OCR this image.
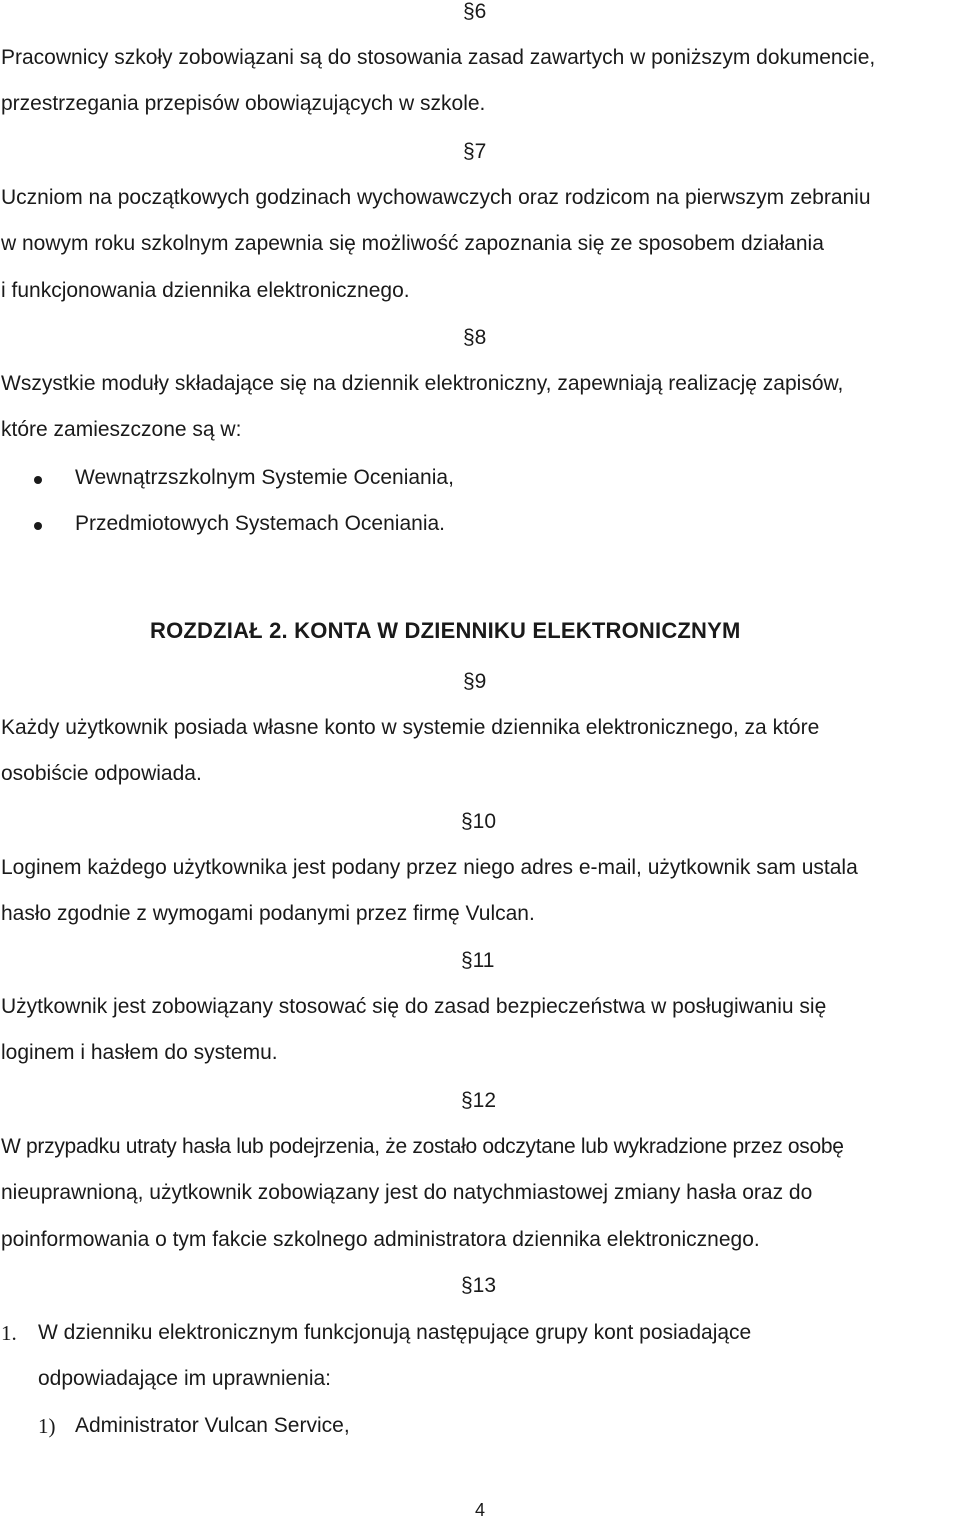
§6
Pracownicy szkoły zobowiązani są do stosowania zasad zawartych w poniższym dokumencie,
przestrzegania przepisów obowiązujących w szkole.
§7
Uczniom na początkowych godzinach wychowawczych oraz rodzicom na pierwszym zebraniu
w nowym roku szkolnym zapewnia się możliwość zapoznania się ze sposobem działania
i funkcjonowania dziennika elektronicznego.
§8
Wszystkie moduły składające się na dziennik elektroniczny, zapewniają realizację zapisów,
które zamieszczone są w:
Wewnątrzszkolnym Systemie Oceniania,
Przedmiotowych Systemach Oceniania.
ROZDZIAŁ 2. KONTA W DZIENNIKU ELEKTRONICZNYM
§9
Każdy użytkownik posiada własne konto w systemie dziennika elektronicznego, za które
osobiście odpowiada.
§10
Loginem każdego użytkownika jest podany przez niego adres e-mail, użytkownik sam ustala
hasło zgodnie z wymogami podanymi przez firmę Vulcan.
§11
Użytkownik jest zobowiązany stosować się do zasad bezpieczeństwa w posługiwaniu się
loginem i hasłem do systemu.
§12
W przypadku utraty hasła lub podejrzenia, że zostało odczytane lub wykradzione przez osobę
nieuprawnioną, użytkownik zobowiązany jest do natychmiastowej zmiany hasła oraz do
poinformowania o tym fakcie szkolnego administratora dziennika elektronicznego.
§13
1. W dzienniku elektronicznym funkcjonują następujące grupy kont posiadające
odpowiadające im uprawnienia:
1) Administrator Vulcan Service,
4
